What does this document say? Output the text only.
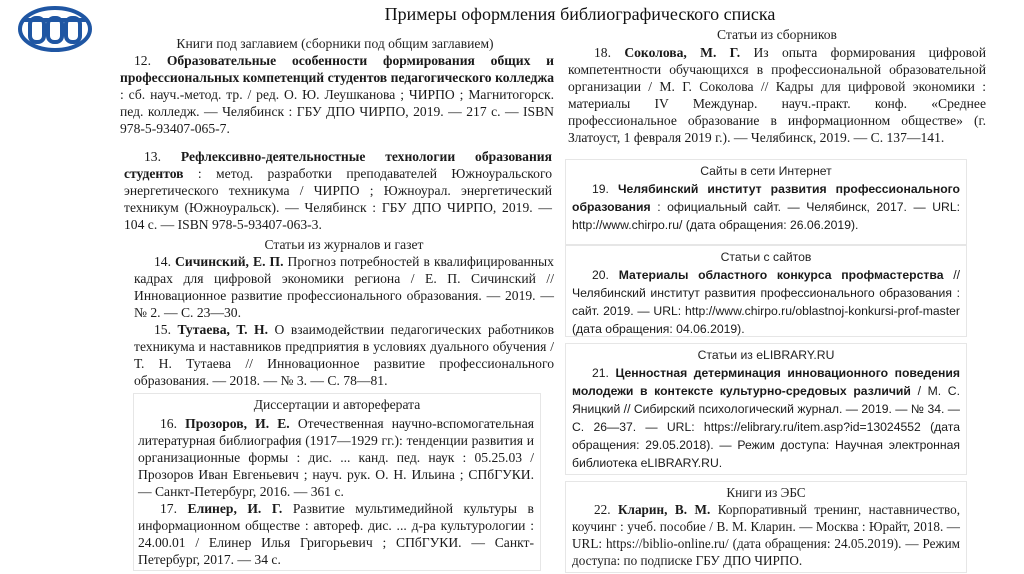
Примеры оформления библиографического списка
Книги под заглавием (сборники под общим заглавием)
12. Образовательные особенности формирования общих и профессиональных компетенций студентов педагогического колледжа : сб. науч.-метод. тр. / ред. О. Ю. Леушканова ; ЧИРПО ; Магнитогорск. пед. колледж. — Челябинск : ГБУ ДПО ЧИРПО, 2019. — 217 с. — ISBN 978-5-93407-065-7.
13. Рефлексивно-деятельностные технологии образования студентов : метод. разработки преподавателей Южноуральского энергетического техникума / ЧИРПО ; Южноурал. энергетический техникум (Южноуральск). — Челябинск : ГБУ ДПО ЧИРПО, 2019. — 104 с. — ISBN 978-5-93407-063-3.
Статьи из журналов и газет
14. Сичинский, Е. П. Прогноз потребностей в квалифицированных кадрах для цифровой экономики региона / Е. П. Сичинский // Инновационное развитие профессионального образования. — 2019. — № 2. — С. 23—30.
15. Тутаева, Т. Н. О взаимодействии педагогических работников техникума и наставников предприятия в условиях дуального обучения / Т. Н. Тутаева // Инновационное развитие профессионального образования. — 2018. — № 3. — С. 78—81.
Диссертации и автореферата
16. Прозоров, И. Е. Отечественная научно-вспомогательная литературная библиография (1917—1929 гг.): тенденции развития и организационные формы : дис. ... канд. пед. наук : 05.25.03 / Прозоров Иван Евгеньевич ; науч. рук. О. Н. Ильина ; СПбГУКИ. — Санкт-Петербург, 2016. — 361 с.
17. Елинер, И. Г. Развитие мультимедийной культуры в информационном обществе : автореф. дис. ... д-ра культурологии : 24.00.01 / Елинер Илья Григорьевич ; СПбГУКИ. — Санкт-Петербург, 2017. — 34 с.
Статьи из сборников
18. Соколова, М. Г. Из опыта формирования цифровой компетентности обучающихся в профессиональной образовательной организации / М. Г. Соколова // Кадры для цифровой экономики : материалы IV Междунар. науч.-практ. конф. «Среднее профессиональное образование в информационном обществе» (г. Златоуст, 1 февраля 2019 г.). — Челябинск, 2019. — С. 137—141.
Сайты в сети Интернет
19. Челябинский институт развития профессионального образования : официальный сайт. — Челябинск, 2017. — URL: http://www.chirpo.ru/ (дата обращения: 26.06.2019).
Статьи с сайтов
20. Материалы областного конкурса профмастерства // Челябинский институт развития профессионального образования : сайт. 2019. — URL: http://www.chirpo.ru/oblastnoj-konkursi-prof-master (дата обращения: 04.06.2019).
Статьи из eLIBRARY.RU
21. Ценностная детерминация инновационного поведения молодежи в контексте культурно-средовых различий / М. С. Яницкий // Сибирский психологический журнал. — 2019. — № 34. — С. 26—37. — URL: https://elibrary.ru/item.asp?id=13024552 (дата обращения: 29.05.2018). — Режим доступа: Научная электронная библиотека eLIBRARY.RU.
Книги из ЭБС
22. Кларин, В. М. Корпоративный тренинг, наставничество, коучинг : учеб. пособие / В. М. Кларин. — Москва : Юрайт, 2018. — URL: https://biblio-online.ru/ (дата обращения: 24.05.2019). — Режим доступа: по подписке ГБУ ДПО ЧИРПО.
